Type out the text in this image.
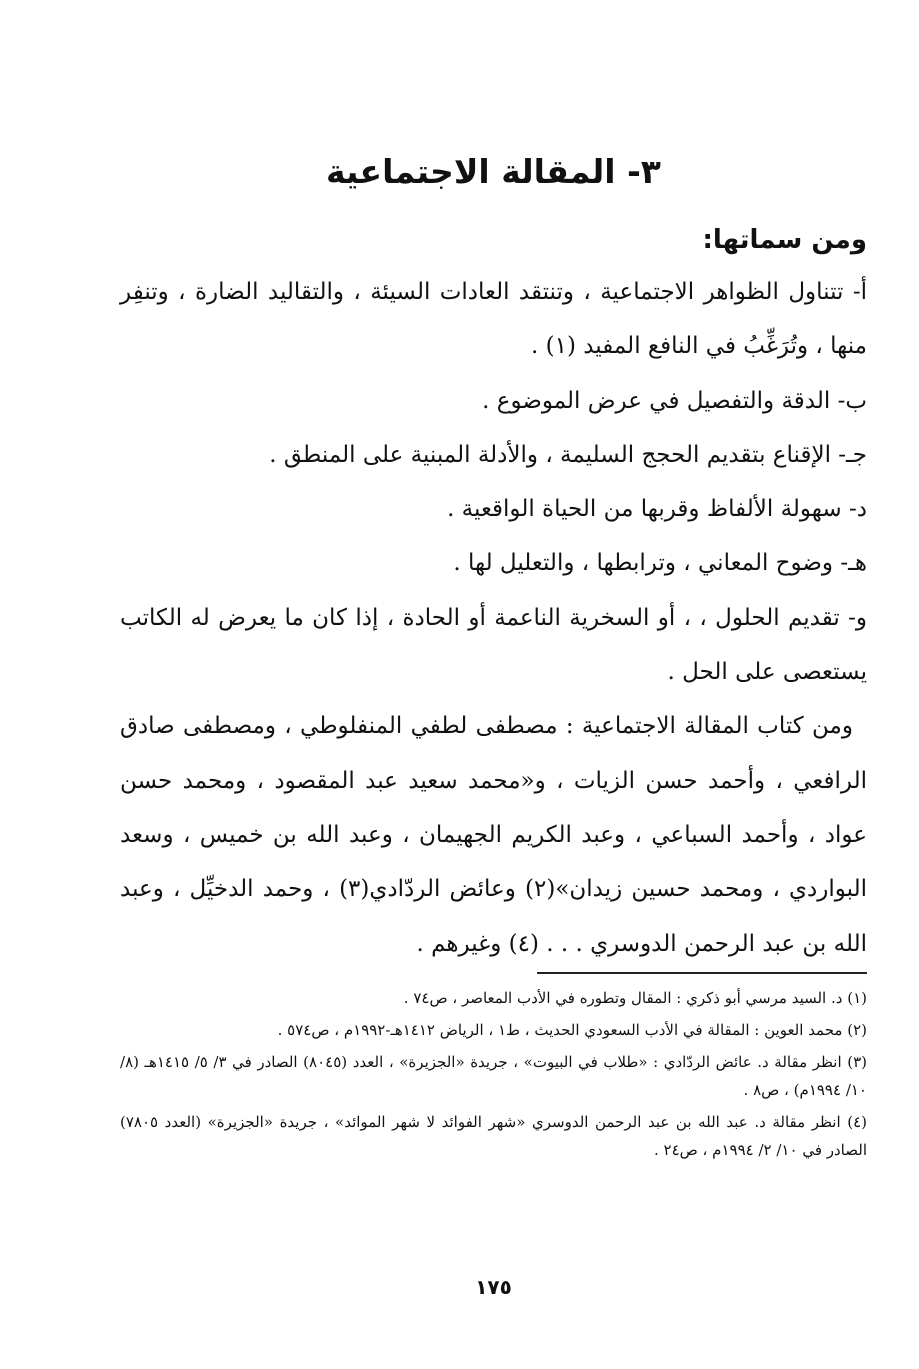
٣- المقالة الاجتماعية
ومن سماتها:

أ- تتناول الظواهر الاجتماعية ، وتنتقد العادات السيئة ، والتقاليد الضارة ، وتنفِر منها ، وتُرَغِّبُ في النافع المفيد (١) .

ب- الدقة والتفصيل في عرض الموضوع .

جـ- الإقناع بتقديم الحجج السليمة ، والأدلة المبنية على المنطق .

د- سهولة الألفاظ وقربها من الحياة الواقعية .

هـ- وضوح المعاني ، وترابطها ، والتعليل لها .

و- تقديم الحلول ، ، أو السخرية الناعمة أو الحادة ، إذا كان ما يعرض له الكاتب يستعصى على الحل .

ومن كتاب المقالة الاجتماعية : مصطفى لطفي المنفلوطي ، ومصطفى صادق الرافعي ، وأحمد حسن الزيات ، و«محمد سعيد عبد المقصود ، ومحمد حسن عواد ، وأحمد السباعي ، وعبد الكريم الجهيمان ، وعبد الله بن خميس ، وسعد البواردي ، ومحمد حسين زيدان»(٢) وعائض الردّادي(٣) ، وحمد الدخيِّل ، وعبد الله بن عبد الرحمن الدوسري . . . (٤) وغيرهم .

(١) د. السيد مرسي أبو ذكري : المقال وتطوره في الأدب المعاصر ، ص٧٤ .

(٢) محمد العوين : المقالة في الأدب السعودي الحديث ، ط١ ، الرياض ١٤١٢هـ-١٩٩٢م ، ص٥٧٤ .

(٣) انظر مقالة د. عائض الردّادي : «طلاب في البيوت» ، جريدة «الجزيرة» ، العدد (٨٠٤٥) الصادر في ٣/ ٥/ ١٤١٥هـ (٨/ ١٠/ ١٩٩٤م) ، ص٨ .

(٤) انظر مقالة د. عبد الله بن عبد الرحمن الدوسري «شهر الفوائد لا شهر الموائد» ، جريدة «الجزيرة» (العدد ٧٨٠٥) الصادر في ١٠/ ٢/ ١٩٩٤م ، ص٢٤ .

١٧٥
